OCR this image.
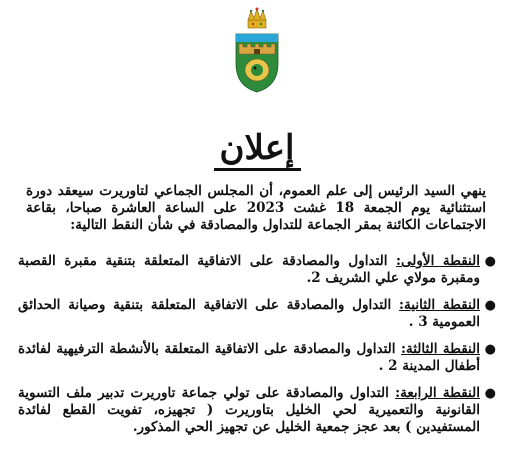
إعلان
ينهي السيد الرئيس إلى علم العموم، أن المجلس الجماعي لتاوريرت سيعقد دورة استثنائية يوم الجمعة 18 غشت 2023 على الساعة العاشرة صباحا، بقاعة الاجتماعات الكائنة بمقر الجماعة للتداول والمصادقة في شأن النقط التالية:
●
النقطة الأولى: التداول والمصادقة على الاتفاقية المتعلقة بتنقية مقبرة القصبة ومقبرة مولاي علي الشريف 2.
●
النقطة الثانية: التداول والمصادقة على الاتفاقية المتعلقة بتنقية وصيانة الحدائق العمومية 3 .
●
النقطة الثالثة: التداول والمصادقة على الاتفاقية المتعلقة بالأنشطة الترفيهية لفائدة أطفال المدينة 2 .
●
النقطة الرابعة: التداول والمصادقة على تولي جماعة تاوريرت تدبير ملف التسوية القانونية والتعميرية لحي الخليل بتاوريرت ( تجهيزه، تفويت القطع لفائدة المستفيدين ) بعد عجز جمعية الخليل عن تجهيز الحي المذكور.
